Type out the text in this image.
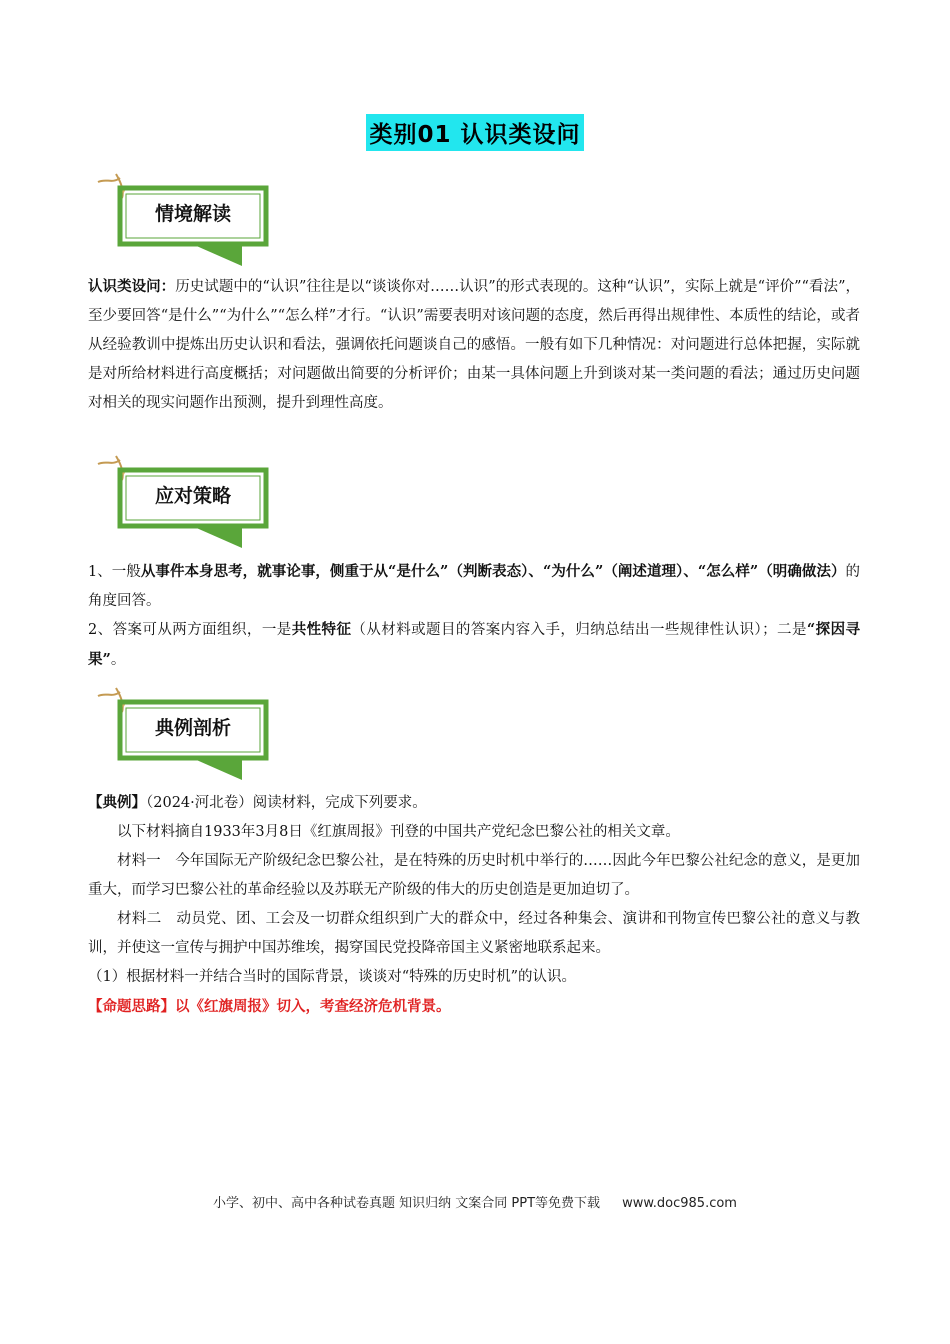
类别01 认识类设问
情境解读

认识类设问：历史试题中的“认识”往往是以“谈谈你对……认识”的形式表现的。这种“认识”，实际上就是“评价”“看法”，至少要回答“是什么”“为什么”“怎么样”才行。“认识”需要表明对该问题的态度，然后再得出规律性、本质性的结论，或者从经验教训中提炼出历史认识和看法，强调依托问题谈自己的感悟。一般有如下几种情况：对问题进行总体把握，实际就是对所给材料进行高度概括；对问题做出简要的分析评价；由某一具体问题上升到谈对某一类问题的看法；通过历史问题对相关的现实问题作出预测，提升到理性高度。

应对策略

1、一般从事件本身思考，就事论事，侧重于从“是什么”（判断表态）、“为什么”（阐述道理）、“怎么样”（明确做法）的角度回答。

2、答案可从两方面组织，一是共性特征（从材料或题目的答案内容入手，归纳总结出一些规律性认识）；二是“探因寻果”。

典例剖析

【典例】（2024·河北卷）阅读材料，完成下列要求。

以下材料摘自1933年3月8日《红旗周报》刊登的中国共产党纪念巴黎公社的相关文章。

材料一　今年国际无产阶级纪念巴黎公社，是在特殊的历史时机中举行的……因此今年巴黎公社纪念的意义，是更加重大，而学习巴黎公社的革命经验以及苏联无产阶级的伟大的历史创造是更加迫切了。

材料二　动员党、团、工会及一切群众组织到广大的群众中，经过各种集会、演讲和刊物宣传巴黎公社的意义与教训，并使这一宣传与拥护中国苏维埃，揭穿国民党投降帝国主义紧密地联系起来。

（1）根据材料一并结合当时的国际背景，谈谈对“特殊的历史时机”的认识。

【命题思路】以《红旗周报》切入，考查经济危机背景。

小学、初中、高中各种试卷真题 知识归纳 文案合同 PPT等免费下载 www.doc985.com
